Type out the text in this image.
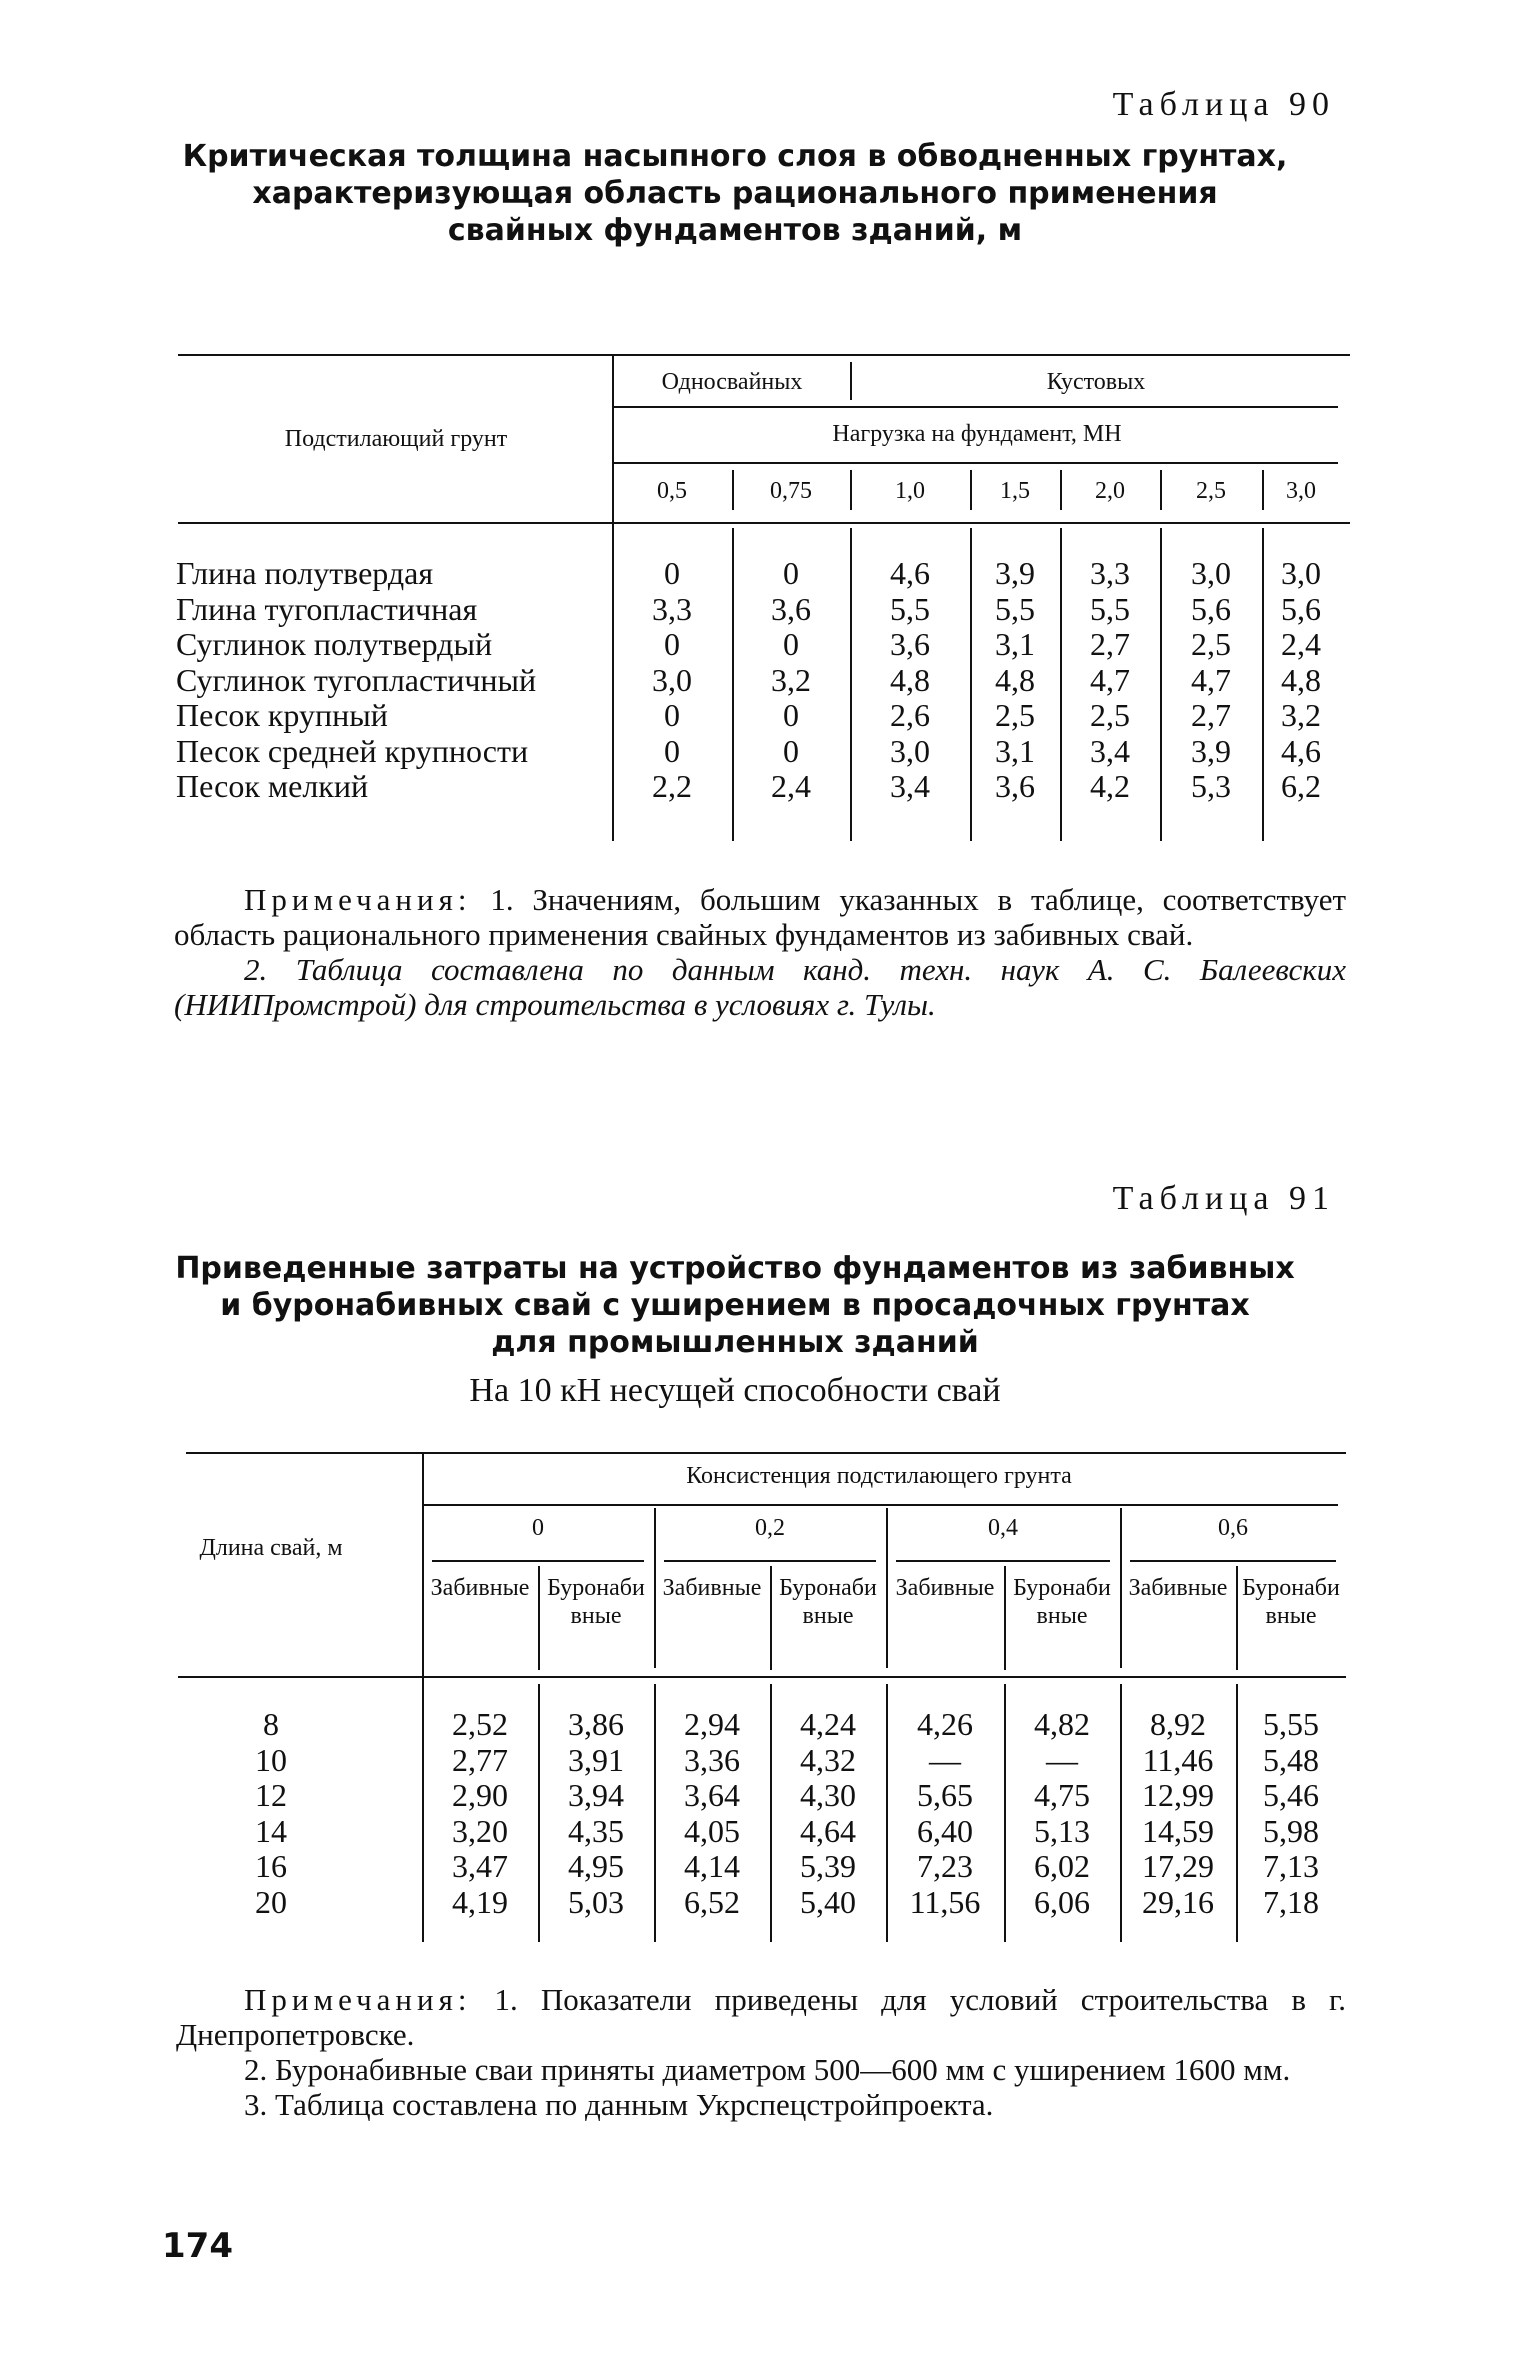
Таблица 90
Критическая толщина насыпного слоя в обводненных грунтах,
характеризующая область рационального применения
свайных фундаментов зданий, м
Подстилающий грунт
Односвайных	Кустовых
Нагрузка на фундамент, МН
0,5	0,75	1,0	1,5	2,0	2,5	3,0
Глина полутвердая	0	0	4,6	3,9	3,3	3,0	3,0
Глина тугопластичная	3,3	3,6	5,5	5,5	5,5	5,6	5,6
Суглинок полутвердый	0	0	3,6	3,1	2,7	2,5	2,4
Суглинок тугопластичный	3,0	3,2	4,8	4,8	4,7	4,7	4,8
Песок крупный	0	0	2,6	2,5	2,5	2,7	3,2
Песок средней крупности	0	0	3,0	3,1	3,4	3,9	4,6
Песок мелкий	2,2	2,4	3,4	3,6	4,2	5,3	6,2
Примечания: 1. Значениям, большим указанных в таблице, соответствует область рационального применения свайных фундаментов из забивных свай.
2. Таблица составлена по данным канд. техн. наук А. С. Балеевских (НИИПромстрой) для строительства в условиях г. Тулы.
Таблица 91
Приведенные затраты на устройство фундаментов из забивных
и буронабивных свай с уширением в просадочных грунтах
для промышленных зданий
На 10 кН несущей способности свай
Длина свай, м
Консистенция подстилающего грунта
0	0,2	0,4	0,6
Забивные Буронабивные
Забивные Буронабивные
Забивные Буронабивные
Забивные Буронабивные
8	2,52	3,86	2,94	4,24	4,26	4,82	8,92	5,55
10	2,77	3,91	3,36	4,32	—	—	11,46	5,48
12	2,90	3,94	3,64	4,30	5,65	4,75	12,99	5,46
14	3,20	4,35	4,05	4,64	6,40	5,13	14,59	5,98
16	3,47	4,95	4,14	5,39	7,23	6,02	17,29	7,13
20	4,19	5,03	6,52	5,40	11,56	6,06	29,16	7,18
Примечания: 1. Показатели приведены для условий строительства в г. Днепропетровске.
2. Буронабивные сваи приняты диаметром 500—600 мм с уширением 1600 мм.
3. Таблица составлена по данным Укрспецстройпроекта.
174
